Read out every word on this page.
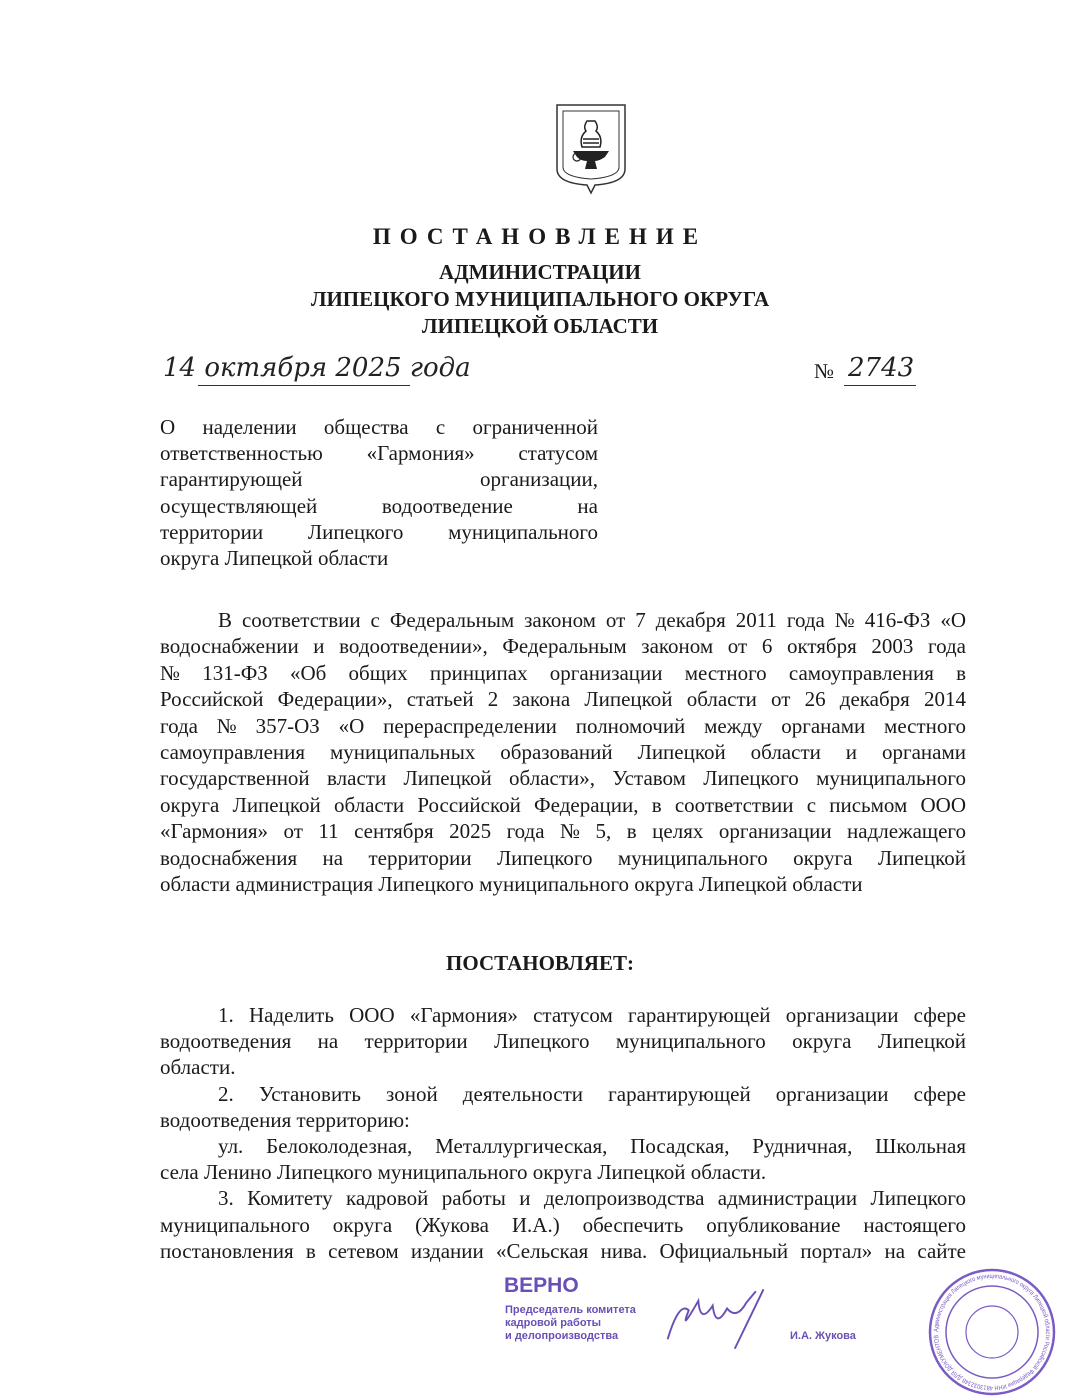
ПОСТАНОВЛЕНИЕ
АДМИНИСТРАЦИИ
ЛИПЕЦКОГО МУНИЦИПАЛЬНОГО ОКРУГА
ЛИПЕЦКОЙ ОБЛАСТИ
14 октября 2025 года	№ 2743
О наделении общества с ограниченной
ответственностью «Гармония» статусом
гарантирующей организации,
осуществляющей водоотведение на
территории Липецкого муниципального
округа Липецкой области
В соответствии с Федеральным законом от 7 декабря 2011 года № 416-ФЗ «О
водоснабжении и водоотведении», Федеральным законом от 6 октября 2003 года
№ 131-ФЗ «Об общих принципах организации местного самоуправления в
Российской Федерации», статьей 2 закона Липецкой области от 26 декабря 2014
года № 357-ОЗ «О перераспределении полномочий между органами местного
самоуправления муниципальных образований Липецкой области и органами
государственной власти Липецкой области», Уставом Липецкого муниципального
округа Липецкой области Российской Федерации, в соответствии с письмом ООО
«Гармония» от 11 сентября 2025 года № 5, в целях организации надлежащего
водоснабжения на территории Липецкого муниципального округа Липецкой
области администрация Липецкого муниципального округа Липецкой области
ПОСТАНОВЛЯЕТ:
1. Наделить ООО «Гармония» статусом гарантирующей организации сфере
водоотведения на территории Липецкого муниципального округа Липецкой
области.
2. Установить зоной деятельности гарантирующей организации сфере
водоотведения территорию:
ул. Белоколодезная, Металлургическая, Посадская, Рудничная, Школьная
села Ленино Липецкого муниципального округа Липецкой области.
3. Комитету кадровой работы и делопроизводства администрации Липецкого
муниципального округа (Жукова И.А.) обеспечить опубликование настоящего
постановления в сетевом издании «Сельская нива. Официальный портал» на сайте
ВЕРНО
Председатель комитета
кадровой работы
и делопроизводства	И.А. Жукова
Администрация Липецкого муниципального округа Липецкой области Российской Федерации ИНН 4813032348 ДЛЯ ДОКУМЕНТОВ
